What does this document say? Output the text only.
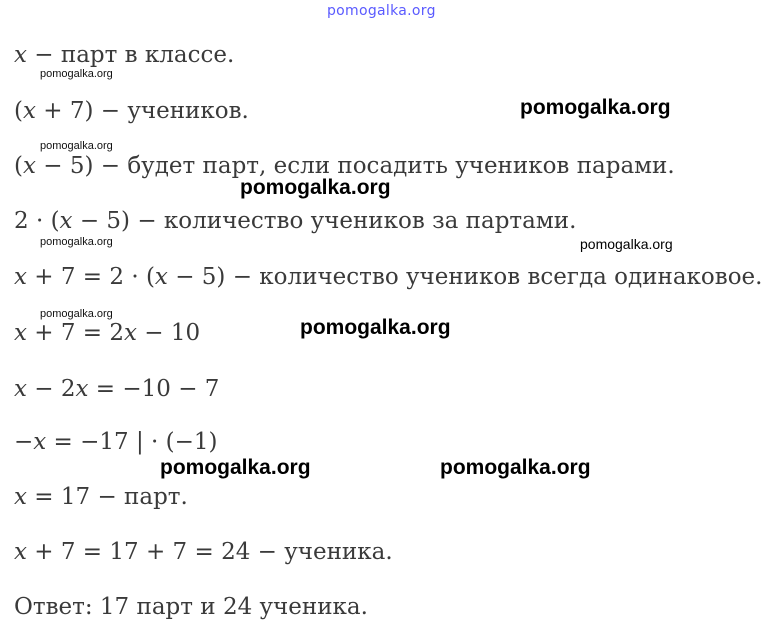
pomogalka.org
𝑥 − парт в классе.
pomogalka.org
(𝑥 + 7) − учеников.	pomogalka.org
pomogalka.org
(𝑥 − 5) − будет парт, если посадить учеников парами.
pomogalka.org
2 · (𝑥 − 5) − количество учеников за партами.
pomogalka.org	pomogalka.org
𝑥 + 7 = 2 · (𝑥 − 5) − количество учеников всегда одинаковое.
pomogalka.org
𝑥 + 7 = 2𝑥 − 10	pomogalka.org
𝑥 − 2𝑥 = −10 − 7
−𝑥 = −17 | · (−1)
pomogalka.org	pomogalka.org
𝑥 = 17 − парт.
𝑥 + 7 = 17 + 7 = 24 − ученика.
Ответ: 17 парт и 24 ученика.
